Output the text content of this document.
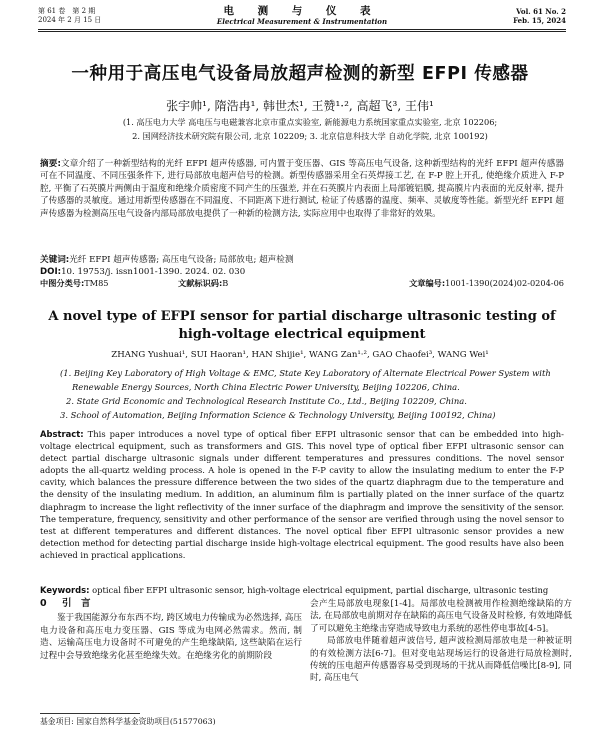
第 61 卷　第 2 期
2024 年 2 月 15 日
电 测 与 仪 表
Electrical Measurement & Instrumentation
Vol. 61 No. 2
Feb. 15, 2024
一种用于高压电气设备局放超声检测的新型 EFPI 传感器
张宇帅¹, 隋浩冉¹, 韩世杰¹, 王赞¹·², 高超飞³, 王伟¹
(1. 高压电力大学 高电压与电磁兼容北京市重点实验室, 新能源电力系统国家重点实验室, 北京 102206;
2. 国网经济技术研究院有限公司, 北京 102209; 3. 北京信息科技大学 自动化学院, 北京 100192)
摘要:文章介绍了一种新型结构的光纤 EFPI 超声传感器, 可内置于变压器、GIS 等高压电气设备, 这种新型结构的光纤 EFPI 超声传感器可在不同温度、不同压强条件下, 进行局部放电超声信号的检测。新型传感器采用全石英焊接工艺, 在 F-P 腔上开孔, 使绝缘介质进入 F-P 腔, 平衡了石英膜片两侧由于温度和绝缘介质密度不同产生的压强差, 并在石英膜片内表面上局部镀铝膜, 提高膜片内表面的光反射率, 提升了传感器的灵敏度。通过用新型传感器在不同温度、不同距离下进行测试, 检证了传感器的温度、频率、灵敏度等性能。新型光纤 EFPI 超声传感器为检测高压电气设备内部局部放电提供了一种新的检测方法, 实际应用中也取得了非常好的效果。
关键词:光纤 EFPI 超声传感器; 高压电气设备; 局部放电; 超声检测
DOI:10. 19753/j. issn1001-1390. 2024. 02. 030
中图分类号:TM85	文献标识码:B	文章编号:1001-1390(2024)02-0204-06
A novel type of EFPI sensor for partial discharge ultrasonic testing of
high-voltage electrical equipment
ZHANG Yushuai¹, SUI Haoran¹, HAN Shijie¹, WANG Zan¹·², GAO Chaofei³, WANG Wei¹
(1. Beijing Key Laboratory of High Voltage & EMC, State Key Laboratory of Alternate Electrical Power System with
Renewable Energy Sources, North China Electric Power University, Beijing 102206, China.
2. State Grid Economic and Technological Research Institute Co., Ltd., Beijing 102209, China.
3. School of Automation, Beijing Information Science & Technology University, Beijing 100192, China)
Abstract: This paper introduces a novel type of optical fiber EFPI ultrasonic sensor that can be embedded into high-voltage electrical equipment, such as transformers and GIS. This novel type of optical fiber EFPI ultrasonic sensor can detect partial discharge ultrasonic signals under different temperatures and pressures conditions. The novel sensor adopts the all-quartz welding process. A hole is opened in the F-P cavity to allow the insulating medium to enter the F-P cavity, which balances the pressure difference between the two sides of the quartz diaphragm due to the temperature and the density of the insulating medium. In addition, an aluminum film is partially plated on the inner surface of the quartz diaphragm to increase the light reflectivity of the inner surface of the diaphragm and improve the sensitivity of the sensor. The temperature, frequency, sensitivity and other performance of the sensor are verified through using the novel sensor to test at different temperatures and different distances. The novel optical fiber EFPI ultrasonic sensor provides a new detection method for detecting partial discharge inside high-voltage electrical equipment. The good results have also been achieved in practical applications.
Keywords: optical fiber EFPI ultrasonic sensor, high-voltage electrical equipment, partial discharge, ultrasonic testing
0 引　言

鉴于我国能源分布东西不均, 跨区域电力传输成为必然选择, 高压电力设备和高压电力变压器、GIS 等成为电网必然需求。然而, 制造、运输高压电力设备时不可避免的产生绝缘缺陷, 这些缺陷在运行过程中会导致绝缘劣化甚至绝缘失效。在绝缘劣化的前期阶段

会产生局部放电现象[1-4]。局部放电检测被用作检测绝缘缺陷的方法, 在局部放电前期对存在缺陷的高压电气设备及时检修, 有效地降低了可以避免主绝缘击穿造成导致电力系统的恶性停电事故[4-5]。

局部放电伴随着超声波信号, 超声波检测局部放电是一种被证明的有效检测方法[6-7]。但对变电站现场运行的设备进行局放检测时, 传统的压电超声传感器容易受到现场的干扰从而降低信噪比[8-9], 同时, 高压电气

基金项目: 国家自然科学基金资助项目(51577063)
